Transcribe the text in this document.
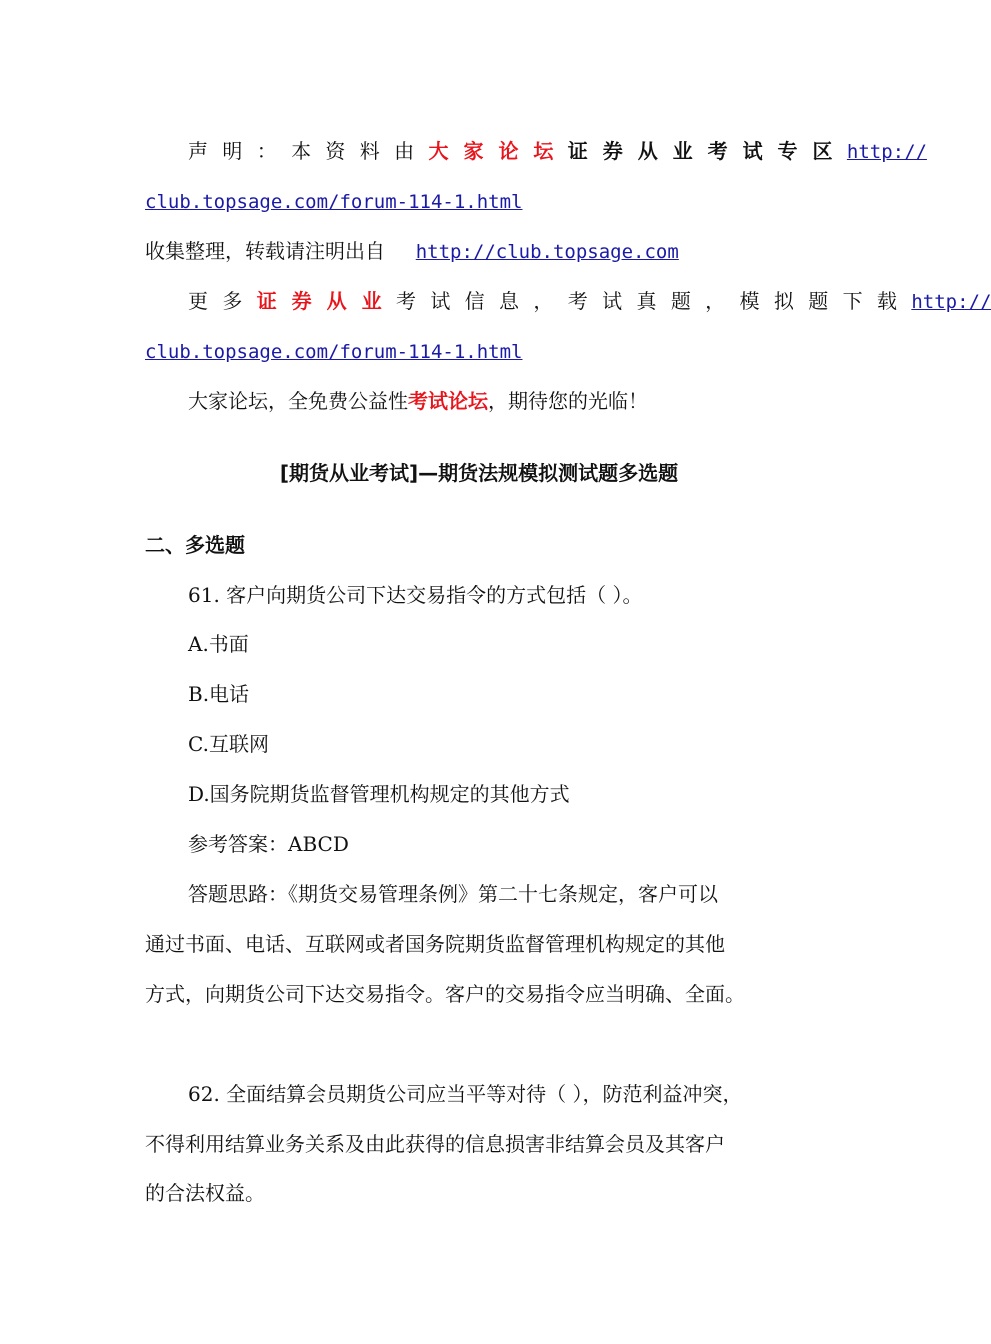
声 明 ： 本 资 料 由 大 家 论 坛 证 券 从 业 考 试 专 区 http://
club.topsage.com/forum-114-1.html
收集整理，转载请注明出自 http://club.topsage.com
更 多 证 券 从 业 考 试 信 息 ， 考 试 真 题 ， 模 拟 题 下 载 http://
club.topsage.com/forum-114-1.html
大家论坛，全免费公益性考试论坛，期待您的光临！
[期货从业考试]—期货法规模拟测试题多选题
二、多选题
61. 客户向期货公司下达交易指令的方式包括（ ）。
A.书面
B.电话
C.互联网
D.国务院期货监督管理机构规定的其他方式
参考答案：ABCD
答题思路：《期货交易管理条例》第二十七条规定，客户可以
通过书面、电话、互联网或者国务院期货监督管理机构规定的其他
方式，向期货公司下达交易指令。客户的交易指令应当明确、全面。
62. 全面结算会员期货公司应当平等对待（ ），防范利益冲突，
不得利用结算业务关系及由此获得的信息损害非结算会员及其客户
的合法权益。
